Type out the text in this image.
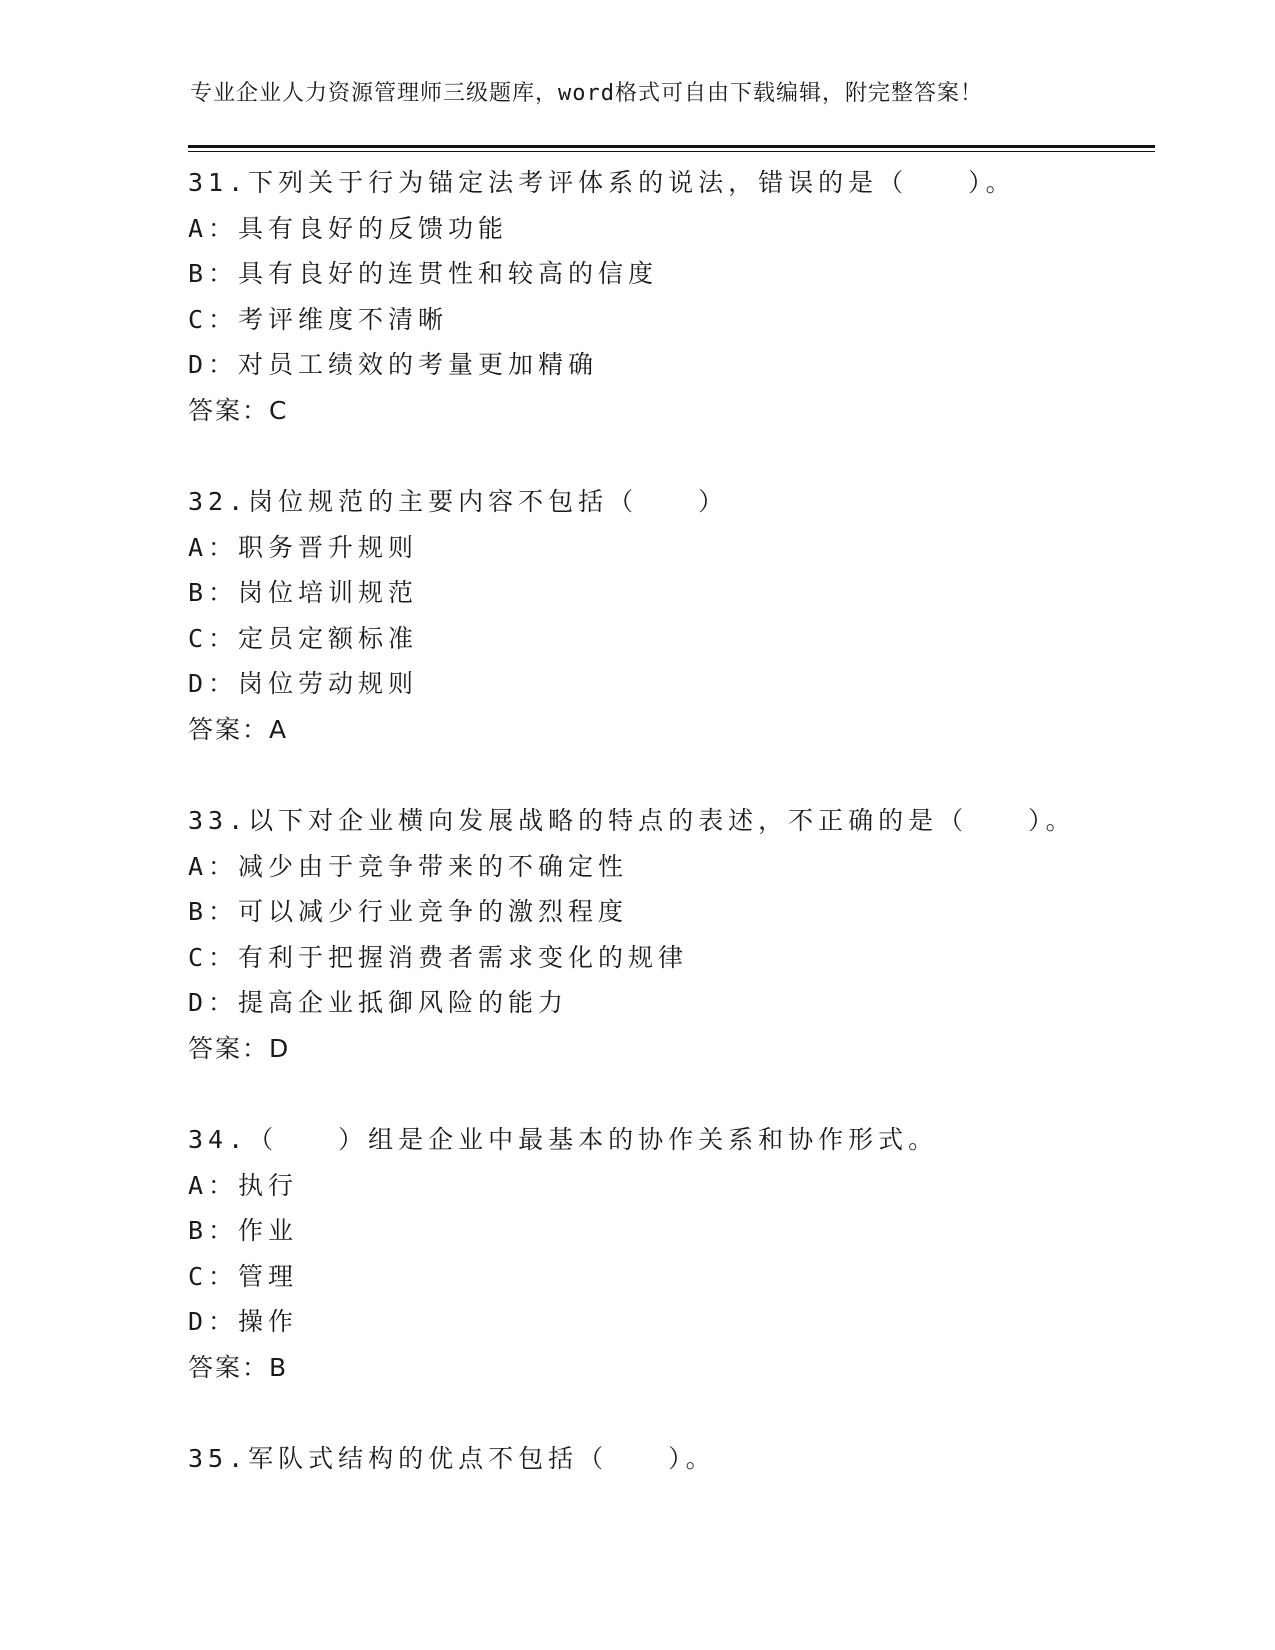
专业企业人力资源管理师三级题库，word格式可自由下载编辑，附完整答案！
31.下列关于行为锚定法考评体系的说法，错误的是（　　）。
A：具有良好的反馈功能
B：具有良好的连贯性和较高的信度
C：考评维度不清晰
D：对员工绩效的考量更加精确
答案：C
32.岗位规范的主要内容不包括（　　）
A：职务晋升规则
B：岗位培训规范
C：定员定额标准
D：岗位劳动规则
答案：A
33.以下对企业横向发展战略的特点的表述，不正确的是（　　）。
A：减少由于竞争带来的不确定性
B：可以减少行业竞争的激烈程度
C：有利于把握消费者需求变化的规律
D：提高企业抵御风险的能力
答案：D
34.（　　）组是企业中最基本的协作关系和协作形式。
A：执行
B：作业
C：管理
D：操作
答案：B
35.军队式结构的优点不包括（　　）。
